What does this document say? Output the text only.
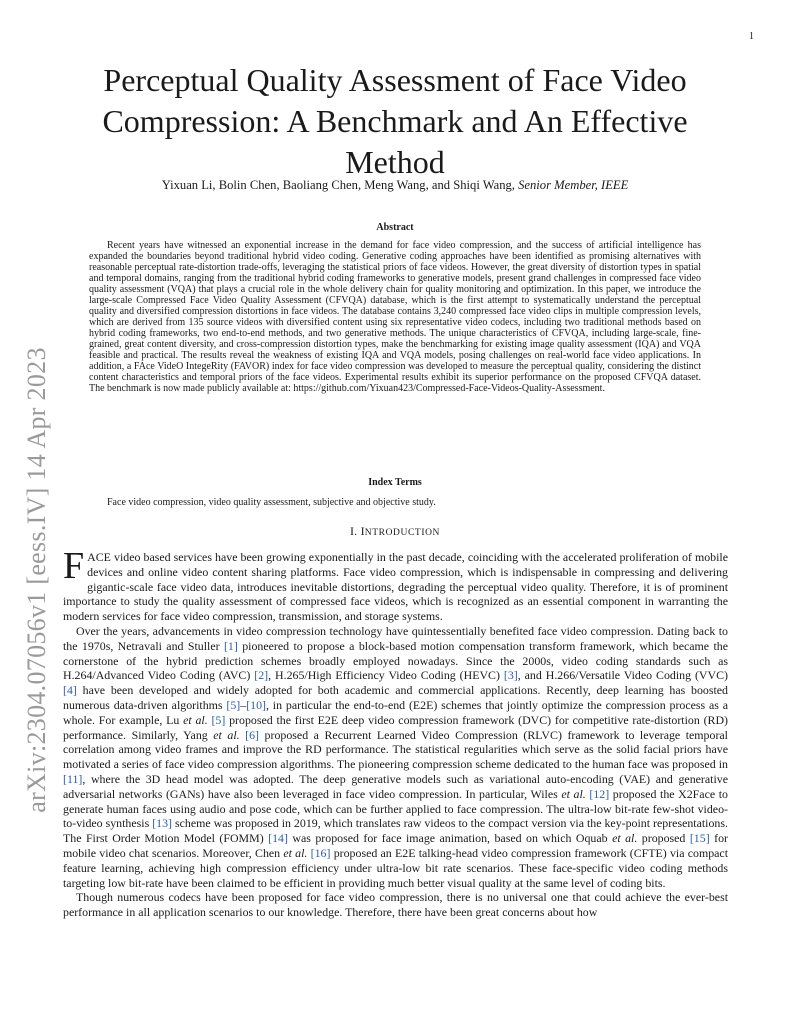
1
arXiv:2304.07056v1 [eess.IV] 14 Apr 2023
Perceptual Quality Assessment of Face Video Compression: A Benchmark and An Effective Method
Yixuan Li, Bolin Chen, Baoliang Chen, Meng Wang, and Shiqi Wang, Senior Member, IEEE
Abstract

Recent years have witnessed an exponential increase in the demand for face video compression, and the success of artificial intelligence has expanded the boundaries beyond traditional hybrid video coding. Generative coding approaches have been identified as promising alternatives with reasonable perceptual rate-distortion trade-offs, leveraging the statistical priors of face videos. However, the great diversity of distortion types in spatial and temporal domains, ranging from the traditional hybrid coding frameworks to generative models, present grand challenges in compressed face video quality assessment (VQA) that plays a crucial role in the whole delivery chain for quality monitoring and optimization. In this paper, we introduce the large-scale Compressed Face Video Quality Assessment (CFVQA) database, which is the first attempt to systematically understand the perceptual quality and diversified compression distortions in face videos. The database contains 3,240 compressed face video clips in multiple compression levels, which are derived from 135 source videos with diversified content using six representative video codecs, including two traditional methods based on hybrid coding frameworks, two end-to-end methods, and two generative methods. The unique characteristics of CFVQA, including large-scale, fine-grained, great content diversity, and cross-compression distortion types, make the benchmarking for existing image quality assessment (IQA) and VQA feasible and practical. The results reveal the weakness of existing IQA and VQA models, posing challenges on real-world face video applications. In addition, a FAce VideO IntegeRity (FAVOR) index for face video compression was developed to measure the perceptual quality, considering the distinct content characteristics and temporal priors of the face videos. Experimental results exhibit its superior performance on the proposed CFVQA dataset. The benchmark is now made publicly available at: https://github.com/Yixuan423/Compressed-Face-Videos-Quality-Assessment.

Index Terms

Face video compression, video quality assessment, subjective and objective study.

I. INTRODUCTION

FACE video based services have been growing exponentially in the past decade, coinciding with the accelerated proliferation of mobile devices and online video content sharing platforms. Face video compression, which is indispensable in compressing and delivering gigantic-scale face video data, introduces inevitable distortions, degrading the perceptual video quality. Therefore, it is of prominent importance to study the quality assessment of compressed face videos, which is recognized as an essential component in warranting the modern services for face video compression, transmission, and storage systems.

Over the years, advancements in video compression technology have quintessentially benefited face video compression. Dating back to the 1970s, Netravali and Stuller [1] pioneered to propose a block-based motion compensation transform framework, which became the cornerstone of the hybrid prediction schemes broadly employed nowadays. Since the 2000s, video coding standards such as H.264/Advanced Video Coding (AVC) [2], H.265/High Efficiency Video Coding (HEVC) [3], and H.266/Versatile Video Coding (VVC) [4] have been developed and widely adopted for both academic and commercial applications. Recently, deep learning has boosted numerous data-driven algorithms [5]–[10], in particular the end-to-end (E2E) schemes that jointly optimize the compression process as a whole. For example, Lu et al. [5] proposed the first E2E deep video compression framework (DVC) for competitive rate-distortion (RD) performance. Similarly, Yang et al. [6] proposed a Recurrent Learned Video Compression (RLVC) framework to leverage temporal correlation among video frames and improve the RD performance. The statistical regularities which serve as the solid facial priors have motivated a series of face video compression algorithms. The pioneering compression scheme dedicated to the human face was proposed in [11], where the 3D head model was adopted. The deep generative models such as variational auto-encoding (VAE) and generative adversarial networks (GANs) have also been leveraged in face video compression. In particular, Wiles et al. [12] proposed the X2Face to generate human faces using audio and pose code, which can be further applied to face compression. The ultra-low bit-rate few-shot video-to-video synthesis [13] scheme was proposed in 2019, which translates raw videos to the compact version via the key-point representations. The First Order Motion Model (FOMM) [14] was proposed for face image animation, based on which Oquab et al. proposed [15] for mobile video chat scenarios. Moreover, Chen et al. [16] proposed an E2E talking-head video compression framework (CFTE) via compact feature learning, achieving high compression efficiency under ultra-low bit rate scenarios. These face-specific video coding methods targeting low bit-rate have been claimed to be efficient in providing much better visual quality at the same level of coding bits.

Though numerous codecs have been proposed for face video compression, there is no universal one that could achieve the ever-best performance in all application scenarios to our knowledge. Therefore, there have been great concerns about how
